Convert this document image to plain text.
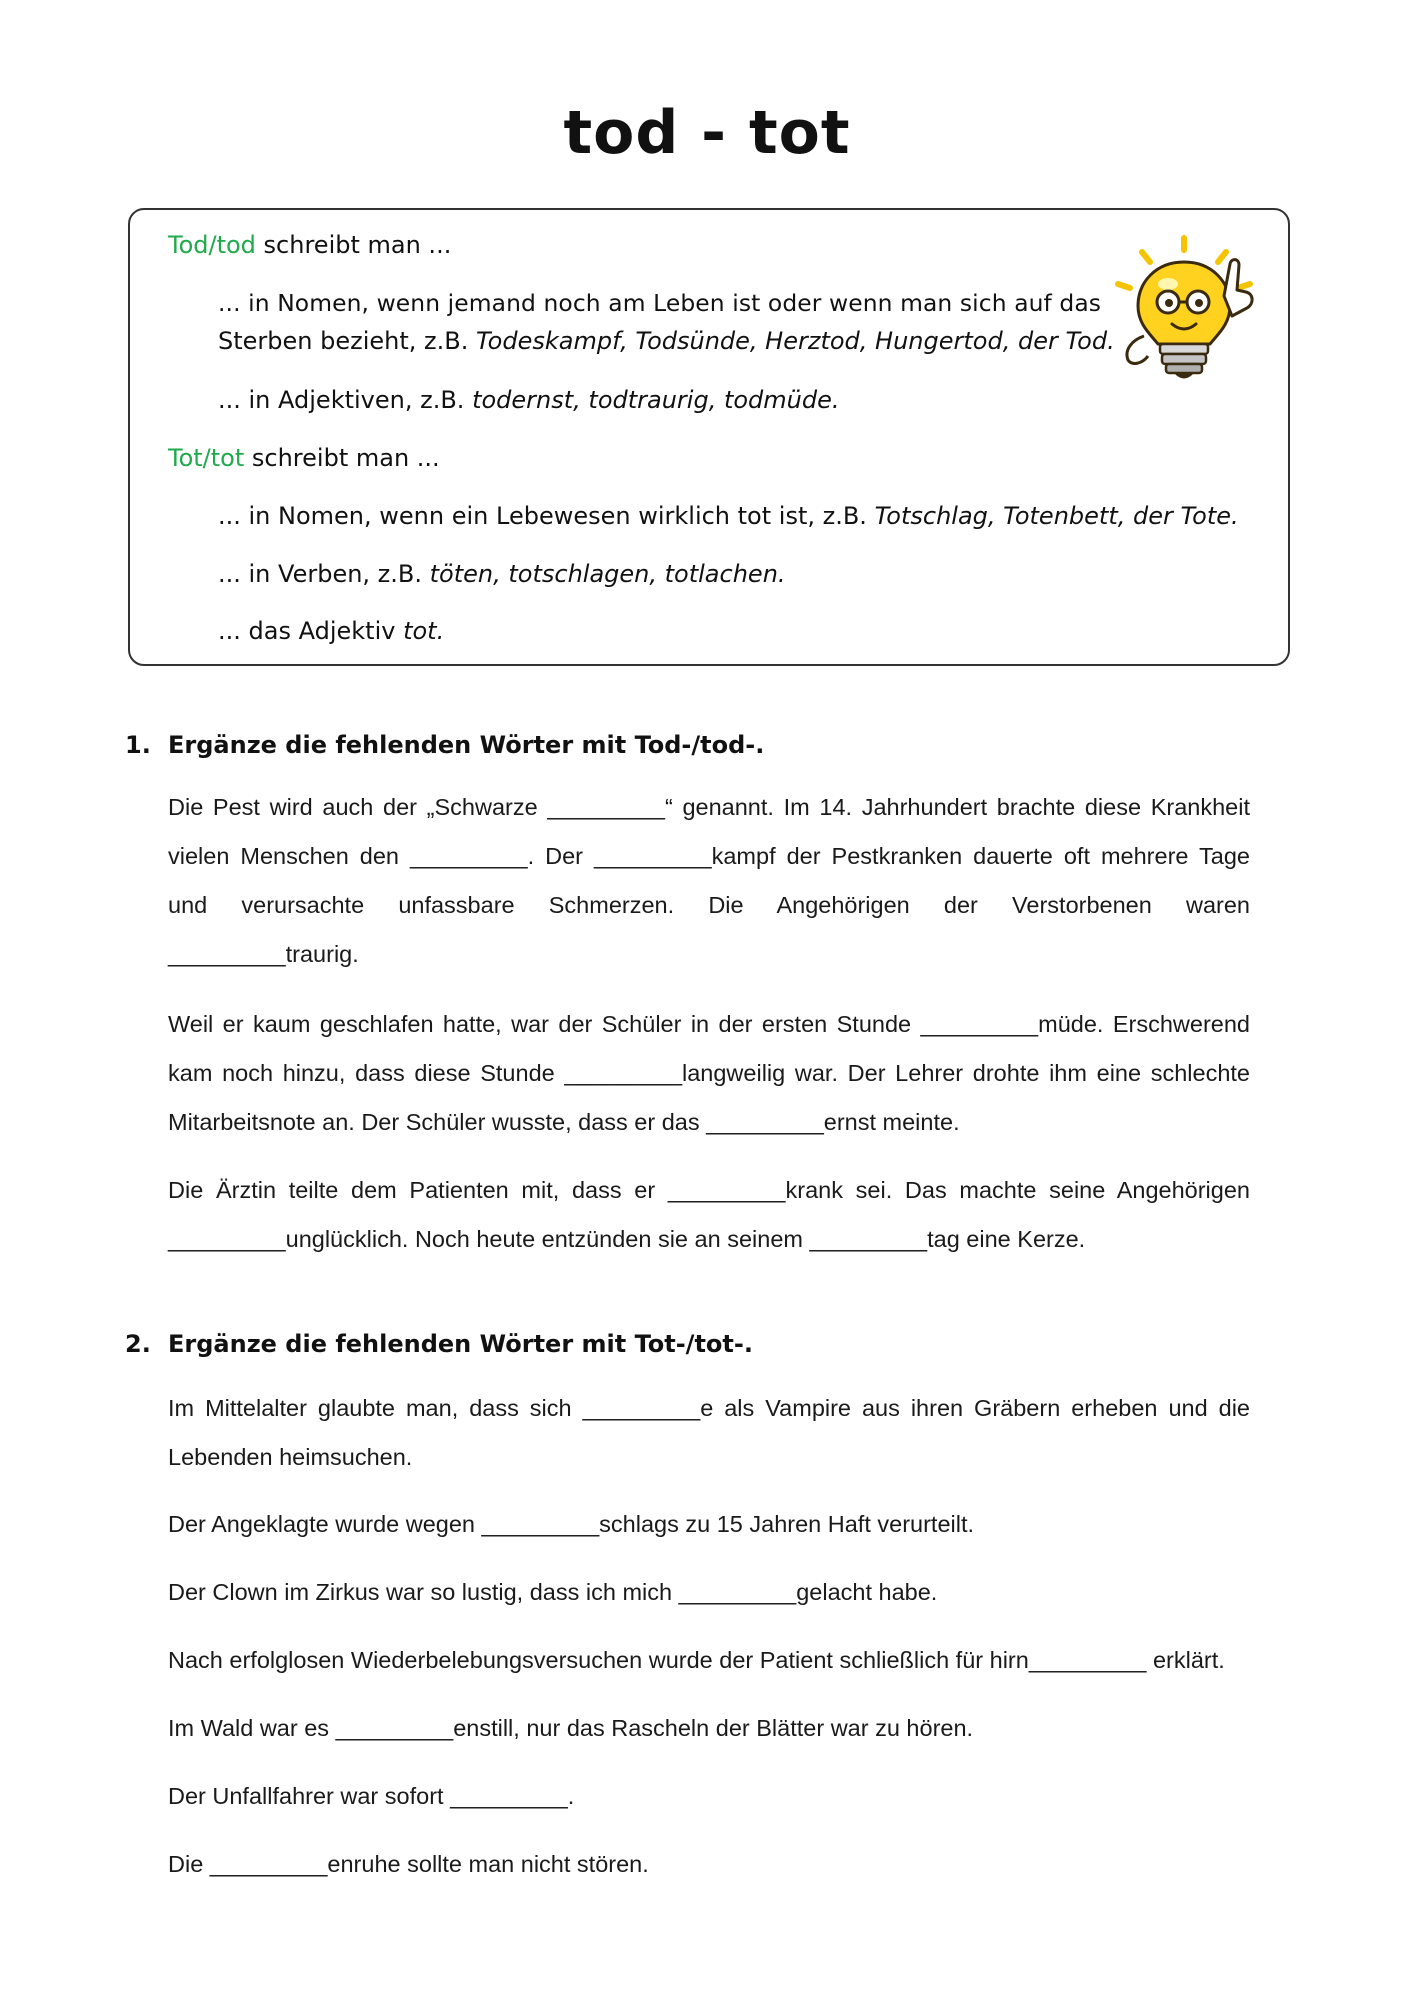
tod - tot
Tod/tod schreibt man ...
... in Nomen, wenn jemand noch am Leben ist oder wenn man sich auf das
Sterben bezieht, z.B. Todeskampf, Todsünde, Herztod, Hungertod, der Tod.
... in Adjektiven, z.B. todernst, todtraurig, todmüde.
Tot/tot schreibt man ...
... in Nomen, wenn ein Lebewesen wirklich tot ist, z.B. Totschlag, Totenbett, der Tote.
... in Verben, z.B. töten, totschlagen, totlachen.
... das Adjektiv tot.
1. Ergänze die fehlenden Wörter mit Tod-/tod-.
Die Pest wird auch der „Schwarze _________“ genannt. Im 14. Jahrhundert brachte diese Krankheit
vielen Menschen den _________. Der _________kampf der Pestkranken dauerte oft mehrere Tage
und verursachte unfassbare Schmerzen. Die Angehörigen der Verstorbenen waren
_________traurig.
Weil er kaum geschlafen hatte, war der Schüler in der ersten Stunde _________müde. Erschwerend
kam noch hinzu, dass diese Stunde _________langweilig war. Der Lehrer drohte ihm eine schlechte
Mitarbeitsnote an. Der Schüler wusste, dass er das _________ernst meinte.
Die Ärztin teilte dem Patienten mit, dass er _________krank sei. Das machte seine Angehörigen
_________unglücklich. Noch heute entzünden sie an seinem _________tag eine Kerze.
2. Ergänze die fehlenden Wörter mit Tot-/tot-.
Im Mittelalter glaubte man, dass sich _________e als Vampire aus ihren Gräbern erheben und die
Lebenden heimsuchen.
Der Angeklagte wurde wegen _________schlags zu 15 Jahren Haft verurteilt.
Der Clown im Zirkus war so lustig, dass ich mich _________gelacht habe.
Nach erfolglosen Wiederbelebungsversuchen wurde der Patient schließlich für hirn_________ erklärt.
Im Wald war es _________enstill, nur das Rascheln der Blätter war zu hören.
Der Unfallfahrer war sofort _________.
Die _________enruhe sollte man nicht stören.
